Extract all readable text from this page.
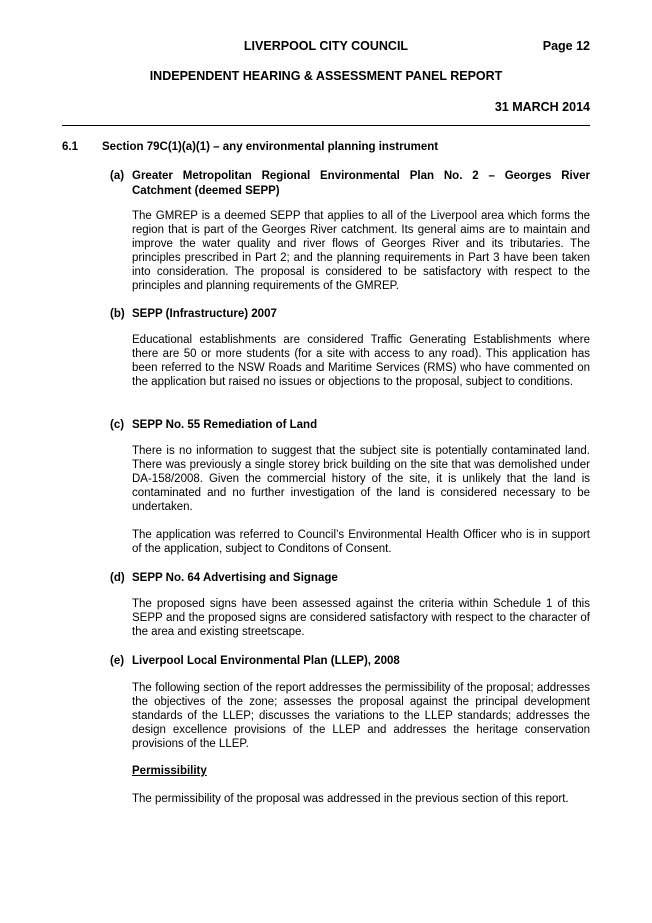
LIVERPOOL CITY COUNCIL	Page 12
INDEPENDENT HEARING & ASSESSMENT PANEL REPORT
31 MARCH 2014
6.1 Section 79C(1)(a)(1) – any environmental planning instrument
(a) Greater Metropolitan Regional Environmental Plan No. 2 – Georges River Catchment (deemed SEPP)
The GMREP is a deemed SEPP that applies to all of the Liverpool area which forms the region that is part of the Georges River catchment. Its general aims are to maintain and improve the water quality and river flows of Georges River and its tributaries. The principles prescribed in Part 2; and the planning requirements in Part 3 have been taken into consideration. The proposal is considered to be satisfactory with respect to the principles and planning requirements of the GMREP.
(b) SEPP (Infrastructure) 2007
Educational establishments are considered Traffic Generating Establishments where there are 50 or more students (for a site with access to any road). This application has been referred to the NSW Roads and Maritime Services (RMS) who have commented on the application but raised no issues or objections to the proposal, subject to conditions.
(c) SEPP No. 55 Remediation of Land
There is no information to suggest that the subject site is potentially contaminated land. There was previously a single storey brick building on the site that was demolished under DA-158/2008. Given the commercial history of the site, it is unlikely that the land is contaminated and no further investigation of the land is considered necessary to be undertaken.
The application was referred to Council’s Environmental Health Officer who is in support of the application, subject to Conditons of Consent.
(d) SEPP No. 64 Advertising and Signage
The proposed signs have been assessed against the criteria within Schedule 1 of this SEPP and the proposed signs are considered satisfactory with respect to the character of the area and existing streetscape.
(e) Liverpool Local Environmental Plan (LLEP), 2008
The following section of the report addresses the permissibility of the proposal; addresses the objectives of the zone; assesses the proposal against the principal development standards of the LLEP; discusses the variations to the LLEP standards; addresses the design excellence provisions of the LLEP and addresses the heritage conservation provisions of the LLEP.
Permissibility
The permissibility of the proposal was addressed in the previous section of this report.
